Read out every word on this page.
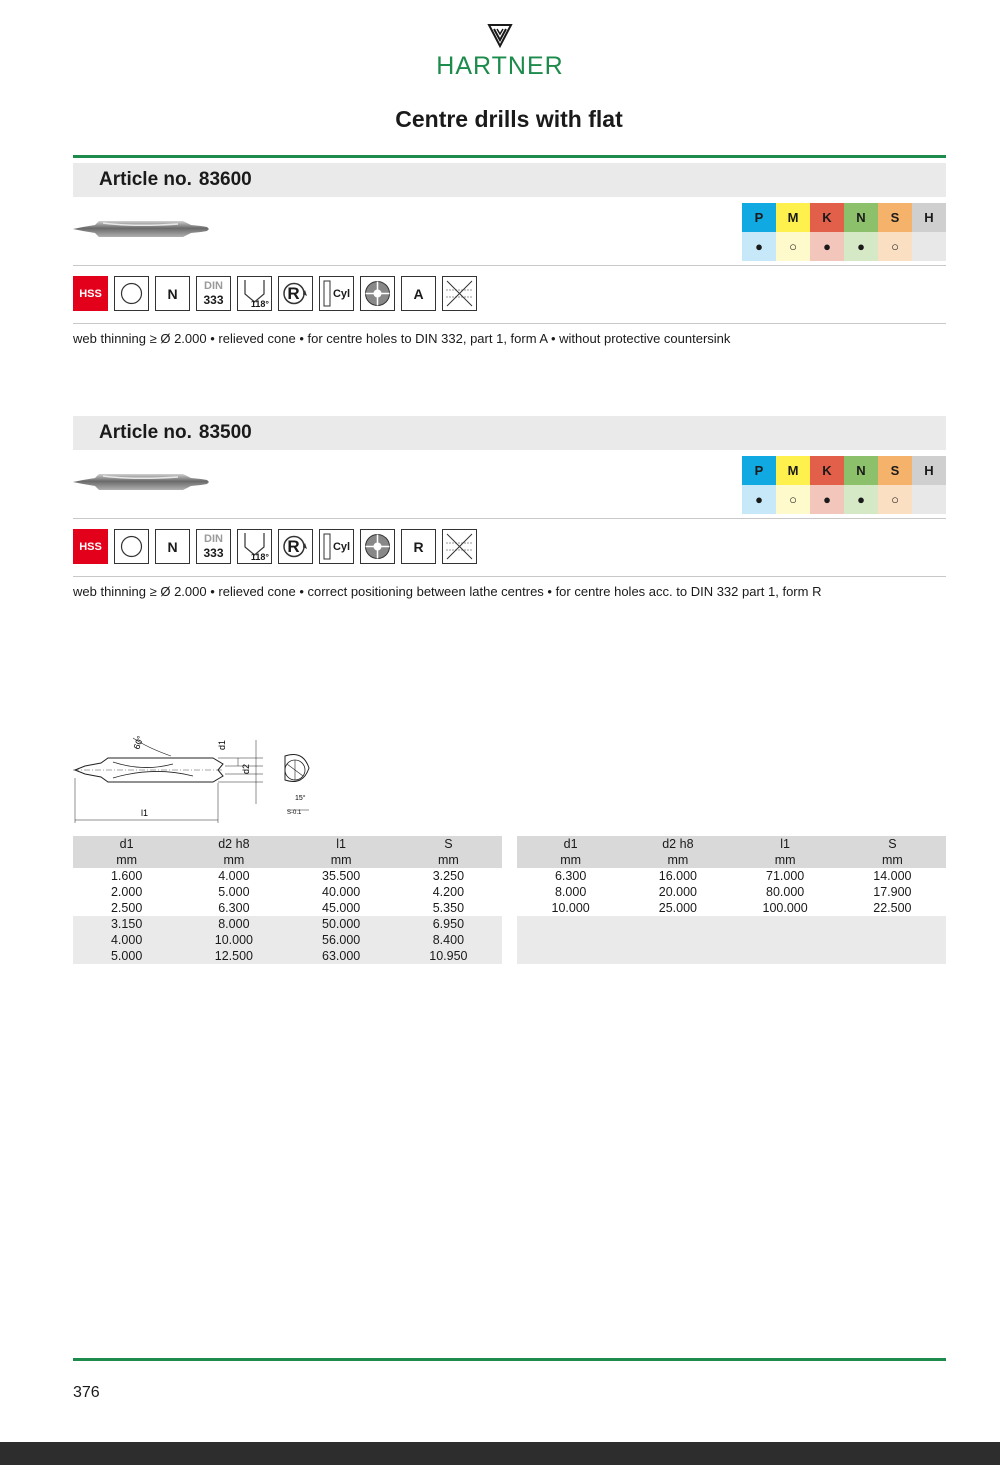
HARTNER
Centre drills with flat
Article no. 83600
P	M	K	N	S	H
●	○	●	●	○	
HSS	N	DIN
333	118°
R	Cyl	A
web thinning ≥ Ø 2.000 • relieved cone • for centre holes to DIN 332, part 1, form A • without protective countersink
Article no. 83500
P	M	K	N	S	H
●	○	●	●	○	
HSS	N	DIN
333	118°
R	Cyl	R
web thinning ≥ Ø 2.000 • relieved cone • correct positioning between lathe centres • for centre holes acc. to DIN 332 part 1, form R
60°	d1
d2
l1
15°
S-0.1
d1	d2 h8	l1	S
mm	mm	mm	mm
1.600	4.000	35.500	3.250
2.000	5.000	40.000	4.200
2.500	6.300	45.000	5.350
3.150	8.000	50.000	6.950
4.000	10.000	56.000	8.400
5.000	12.500	63.000	10.950
d1	d2 h8	l1	S
mm	mm	mm	mm
6.300	16.000	71.000	14.000
8.000	20.000	80.000	17.900
10.000	25.000	100.000	22.500

376
